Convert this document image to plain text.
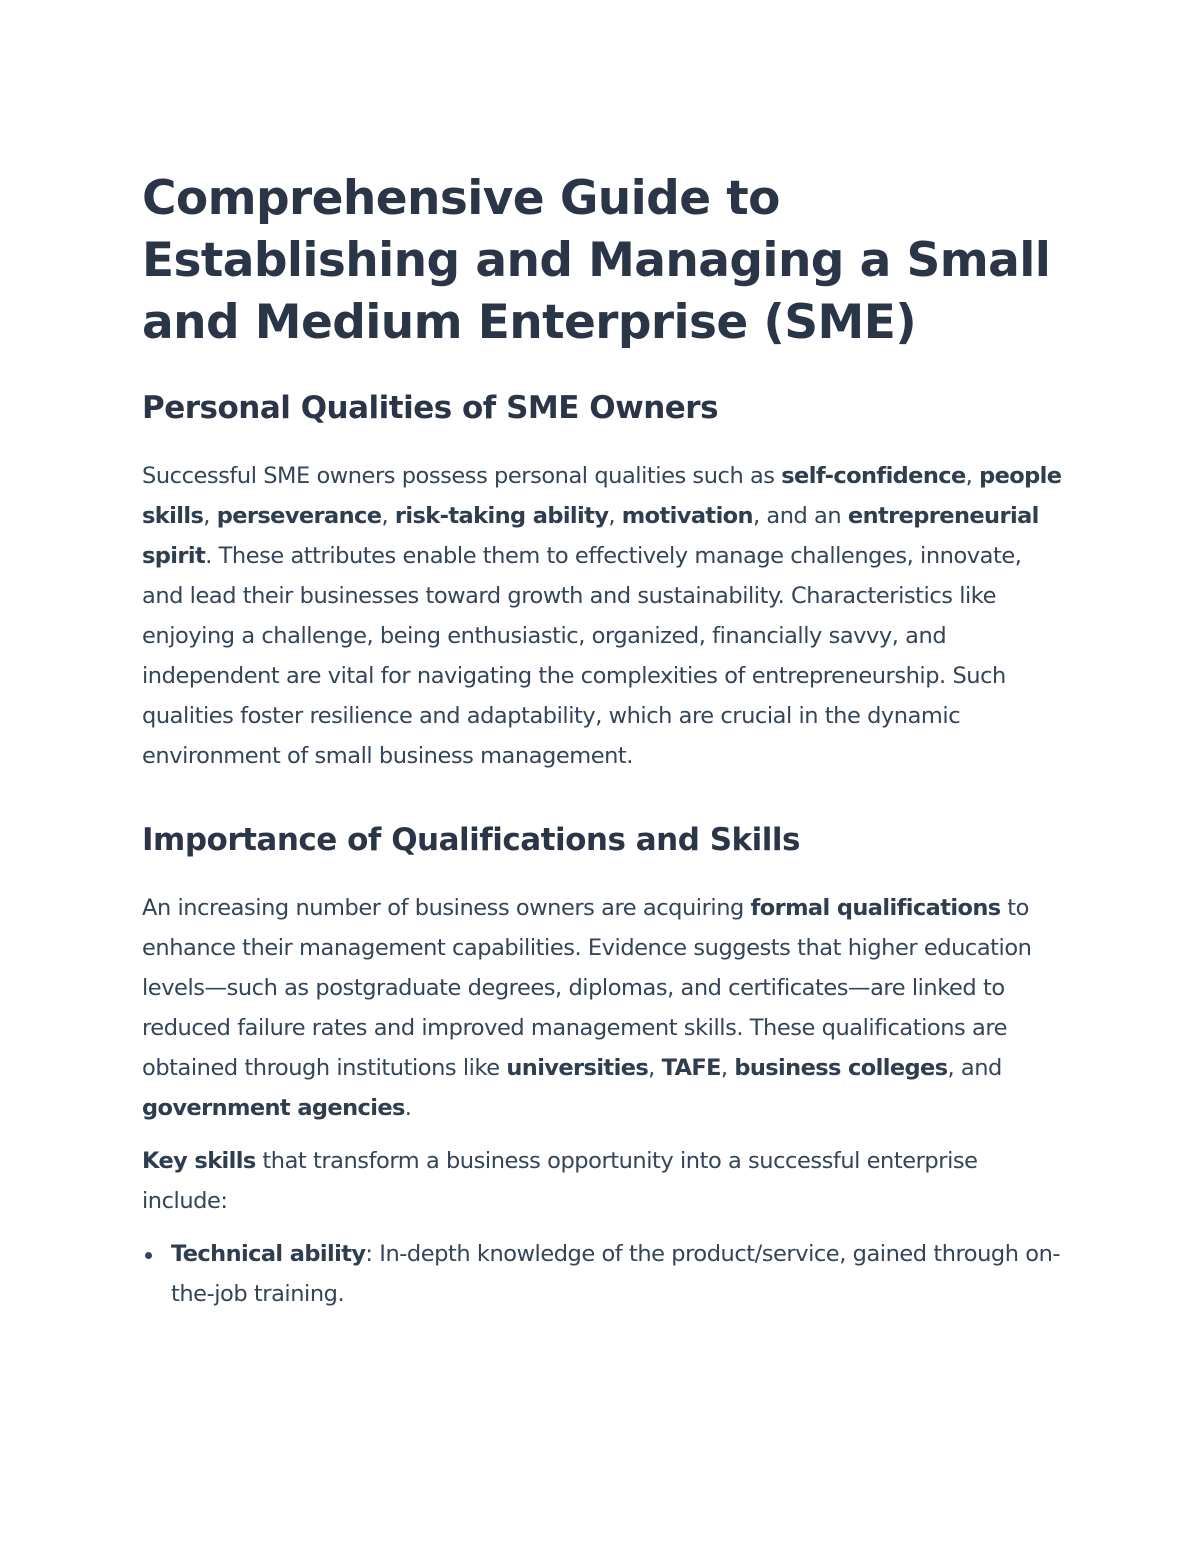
Comprehensive Guide to Establishing and Managing a Small and Medium Enterprise (SME)
Personal Qualities of SME Owners

Successful SME owners possess personal qualities such as self-confidence, people skills, perseverance, risk-taking ability, motivation, and an entrepreneurial spirit. These attributes enable them to effectively manage challenges, innovate, and lead their businesses toward growth and sustainability. Characteristics like enjoying a challenge, being enthusiastic, organized, financially savvy, and independent are vital for navigating the complexities of entrepreneurship. Such qualities foster resilience and adaptability, which are crucial in the dynamic environment of small business management.

Importance of Qualifications and Skills

An increasing number of business owners are acquiring formal qualifications to enhance their management capabilities. Evidence suggests that higher education levels—such as postgraduate degrees, diplomas, and certificates—are linked to reduced failure rates and improved management skills. These qualifications are obtained through institutions like universities, TAFE, business colleges, and government agencies.

Key skills that transform a business opportunity into a successful enterprise include:

Technical ability: In-depth knowledge of the product/service, gained through on-the-job training.
